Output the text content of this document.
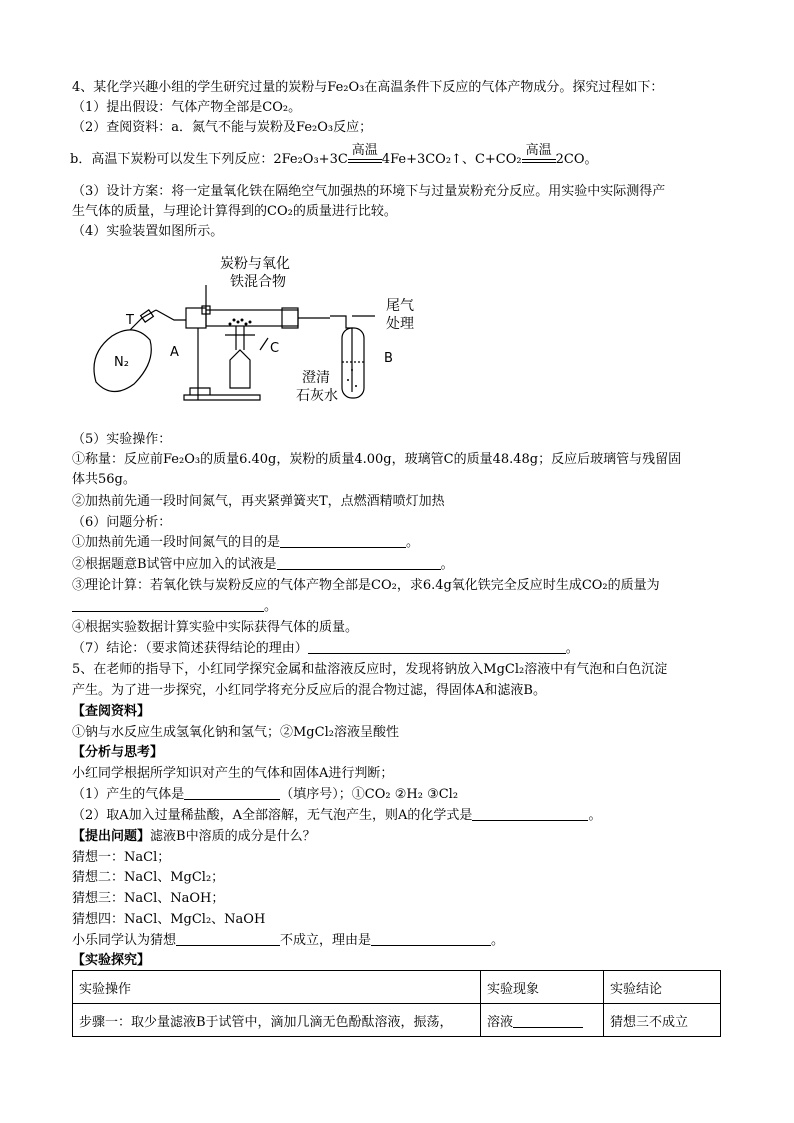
4、某化学兴趣小组的学生研究过量的炭粉与Fe₂O₃在高温条件下反应的气体产物成分。探究过程如下：
（1）提出假设：气体产物全部是CO₂。
（2）查阅资料：a．氮气不能与炭粉及Fe₂O₃反应；
b．高温下炭粉可以发生下列反应：2Fe₂O₃+3C
高温
4Fe+3CO₂↑、C+CO₂
高温
2CO。
（3）设计方案：将一定量氧化铁在隔绝空气加强热的环境下与过量炭粉充分反应。用实验中实际测得产
生气体的质量，与理论计算得到的CO₂的质量进行比较。
（4）实验装置如图所示。
炭粉与氧化
铁混合物
尾气
处理
T
A	C
B
N₂
澄清
石灰水
（5）实验操作：
①称量：反应前Fe₂O₃的质量6.40g，炭粉的质量4.00g，玻璃管C的质量48.48g；反应后玻璃管与残留固
体共56g。
②加热前先通一段时间氮气，再夹紧弹簧夹T，点燃酒精喷灯加热
（6）问题分析：
①加热前先通一段时间氮气的目的是	。
②根据题意B试管中应加入的试液是	。
③理论计算：若氧化铁与炭粉反应的气体产物全部是CO₂，求6.4g氧化铁完全反应时生成CO₂的质量为
。
④根据实验数据计算实验中实际获得气体的质量。
（7）结论：（要求简述获得结论的理由）	。
5、在老师的指导下，小红同学探究金属和盐溶液反应时，发现将钠放入MgCl₂溶液中有气泡和白色沉淀
产生。为了进一步探究，小红同学将充分反应后的混合物过滤，得固体A和滤液B。
【查阅资料】
①钠与水反应生成氢氧化钠和氢气；②MgCl₂溶液呈酸性
【分析与思考】
小红同学根据所学知识对产生的气体和固体A进行判断；
（1）产生的气体是	（填序号）；①CO₂ ②H₂ ③Cl₂
（2）取A加入过量稀盐酸，A全部溶解，无气泡产生，则A的化学式是	。
【提出问题】滤液B中溶质的成分是什么？
猜想一：NaCl；
猜想二：NaCl、MgCl₂；
猜想三：NaCl、NaOH；
猜想四：NaCl、MgCl₂、NaOH
小乐同学认为猜想	不成立，理由是	。
【实验探究】
实验操作	实验现象	实验结论
步骤一：取少量滤液B于试管中，滴加几滴无色酚酞溶液，振荡，	溶液	猜想三不成立
